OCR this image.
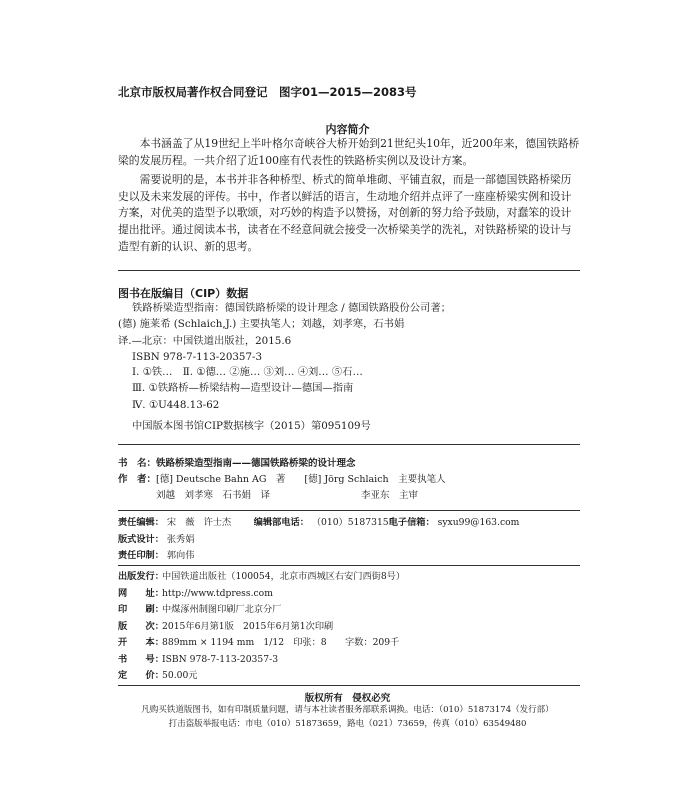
北京市版权局著作权合同登记　图字01—2015—2083号
内容简介

本书涵盖了从19世纪上半叶格尔奇峡谷大桥开始到21世纪头10年，近200年来，德国铁路桥梁的发展历程。一共介绍了近100座有代表性的铁路桥实例以及设计方案。

需要说明的是，本书并非各种桥型、桥式的简单堆砌、平铺直叙，而是一部德国铁路桥梁历史以及未来发展的评传。书中，作者以鲜活的语言，生动地介绍并点评了一座座桥梁实例和设计方案，对优美的造型予以歌颂，对巧妙的构造予以赞扬，对创新的努力给予鼓励，对蠢笨的设计提出批评。通过阅读本书，读者在不经意间就会接受一次桥梁美学的洗礼，对铁路桥梁的设计与造型有新的认识、新的思考。

图书在版编目（CIP）数据
铁路桥梁造型指南：德国铁路桥梁的设计理念 / 德国铁路股份公司著；
(德) 施莱希 (Schlaich,J.) 主要执笔人；刘越，刘孝寒，石书娟
译.—北京：中国铁道出版社，2015.6
ISBN 978-7-113-20357-3
Ⅰ. ①铁…　Ⅱ. ①德… ②施… ③刘… ④刘… ⑤石…
Ⅲ. ①铁路桥—桥梁结构—造型设计—德国—指南
Ⅳ. ①U448.13-62
中国版本图书馆CIP数据核字（2015）第095109号
书　名： 铁路桥梁造型指南——德国铁路桥梁的设计理念
作　者： [德] Deutsche Bahn AG　著　　[德] Jörg Schlaich　主要执笔人
刘越　刘孝寒　石书娟　译	李亚东　主审
责任编辑： 宋　薇　许士杰 编辑部电话： （010）51873155 电子信箱： syxu99@163.com
版式设计： 张秀娟
责任印制： 郭向伟
出版发行：
中国铁道出版社（100054，北京市西城区右安门西街8号）
网　　址：
http://www.tdpress.com
印　　刷：
中煤涿州制图印刷厂北京分厂
版　　次：
2015年6月第1版　2015年6月第1次印刷
开　　本：
889mm × 1194 mm　1/12　印张：8　　字数：209千
书　　号：
ISBN 978-7-113-20357-3
定　　价：
50.00元
版权所有　侵权必究
凡购买铁道版图书，如有印制质量问题，请与本社读者服务部联系调换。电话：（010）51873174（发行部）
打击盗版举报电话：市电（010）51873659，路电（021）73659，传真（010）63549480
